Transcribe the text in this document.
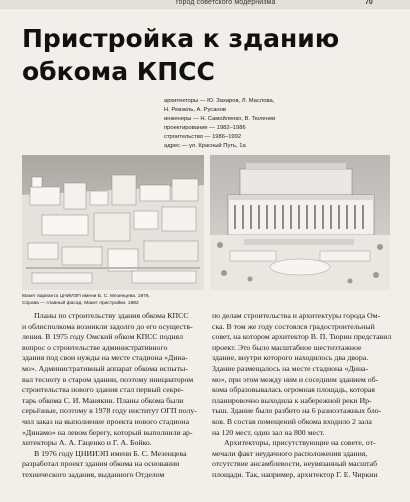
город советского модернизма	70
Пристройка к зданию
обкома КПСС
архитекторы — Ю. Захаров, Л. Маслова,
Н. Ревзель, А. Русанов
инженеры — Н. Самойленко, В. Тюленев
проектирование — 1982–1986
строительство — 1986–1992
адрес — ул. Красный Путь, 1а
Макет варианта ЦНИИЭП имени Б. С. Мезенцева. 1976.
Справа — главный фасад. Макет пристройки. 1982
Планы по строительству здания обкома КПСС
и облисполкома возникли задолго до его осуществ-
ления. В 1975 году Омский обком КПСС поднял
вопрос о строительстве административного
здания под свои нужды на месте стадиона «Дина-
мо». Административный аппарат обкома испыты-
вал тесноту в старом здании, поэтому инициатором
строительства нового здания стал первый секре-
тарь обкома С. И. Манякин. Планы обкома были
серьёзные, поэтому в 1978 году институт ОГП полу-
чил заказ на выполнение проекта нового стадиона
«Динамо» на левом берегу, который выполнили ар-
хитекторы А. А. Гаценко и Г. А. Бойко.
В 1976 году ЦНИИЭП имени Б. С. Мезенцева
разработал проект здания обкома на основании
технического задания, выданного Отделом
по делам строительства и архитектуры города Ом-
ска. В том же году состоялся градостроительный
совет, на котором архитектор В. П. Тюрин представил
проект. Это было масштабное шестиэтажное
здание, внутри которого находилось два двора.
Здание размещалось на месте стадиона «Дина-
мо», при этом между ним и соседним зданием об-
кома образовывалась огромная площадь, которая
планировочно выходила к набережной реки Ир-
тыш. Здание было разбито на 6 разноэтажных бло-
ков. В состав помещений обкома входило 2 зала
на 120 мест, один зал на 800 мест.
Архитекторы, присутствующие на совете, от-
мечали факт неудачного расположения здания,
отсутствие ансамблевости, неувязанный масштаб
площади. Так, например, архитектор Г. Е. Чиркин
